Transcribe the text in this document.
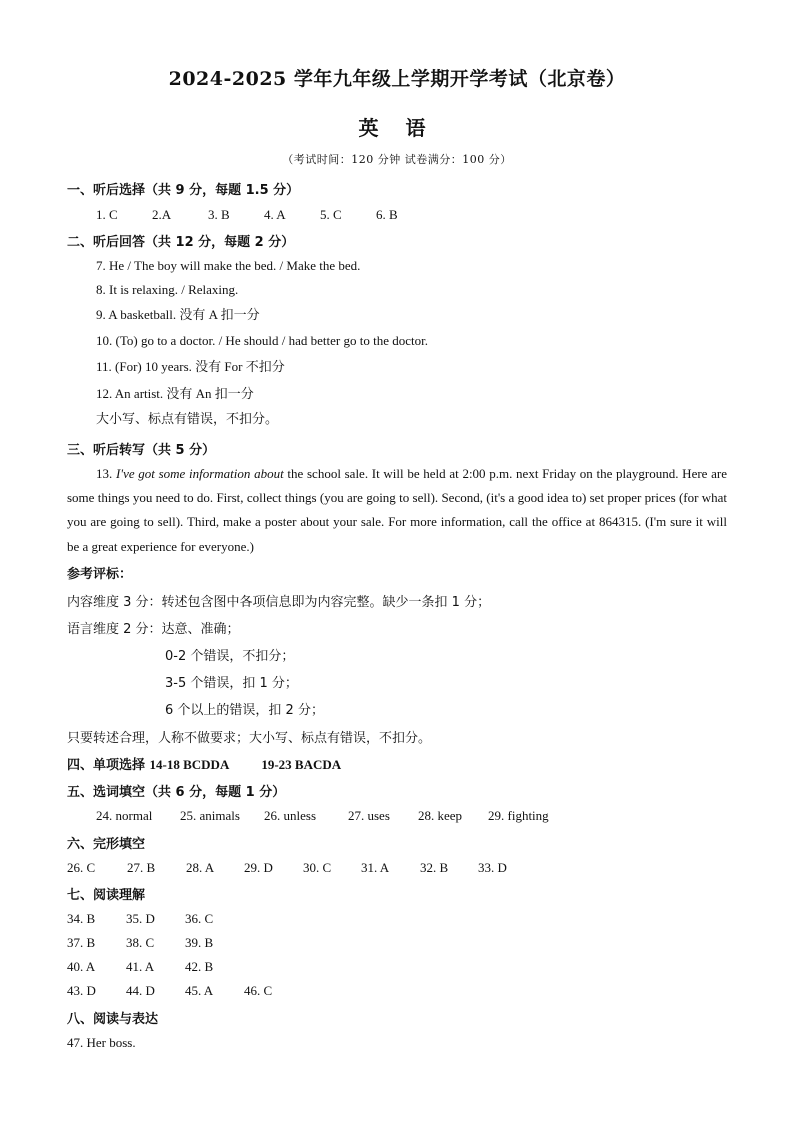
2024-2025 学年九年级上学期开学考试（北京卷）
英 语
（考试时间：120 分钟 试卷满分：100 分）
一、听后选择（共 9 分，每题 1.5 分）
1. C	2.A	3. B	4. A	5. C	6. B
二、听后回答（共 12 分，每题 2 分）
7. He / The boy will make the bed. / Make the bed.
8. It is relaxing. / Relaxing.
9. A basketball. 没有 A 扣一分
10. (To) go to a doctor. / He should / had better go to the doctor.
11. (For) 10 years. 没有 For 不扣分
12. An artist. 没有 An 扣一分
大小写、标点有错误，不扣分。
三、听后转写（共 5 分）
13. I've got some information about the school sale. It will be held at 2:00 p.m. next Friday on the playground. Here are some things you need to do. First, collect things (you are going to sell). Second, (it's a good idea to) set proper prices (for what you are going to sell). Third, make a poster about your sale. For more information, call the office at 864315. (I'm sure it will be a great experience for everyone.)
参考评标：
内容维度 3 分：转述包含图中各项信息即为内容完整。缺少一条扣 1 分；
语言维度 2 分：达意、准确；
0-2 个错误，不扣分；
3-5 个错误，扣 1 分；
6 个以上的错误，扣 2 分；
只要转述合理，人称不做要求；大小写、标点有错误，不扣分。
四、单项选择 14-18 BCDDA 19-23 BACDA
五、选词填空（共 6 分，每题 1 分）
24. normal 25. animals 26. unless 27. uses 28. keep 29. fighting
六、完形填空
26. C 27. B 28. A 29. D 30. C 31. A 32. B 33. D
七、阅读理解
34. B 35. D 36. C
37. B 38. C 39. B
40. A 41. A 42. B
43. D 44. D 45. A 46. C
八、阅读与表达
47. Her boss.
